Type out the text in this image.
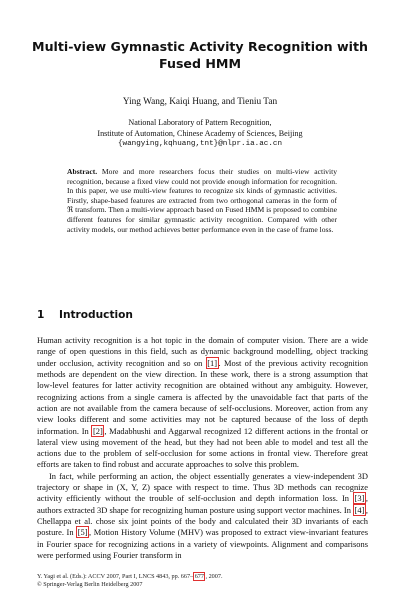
Multi-view Gymnastic Activity Recognition with
Fused HMM
Ying Wang, Kaiqi Huang, and Tieniu Tan
National Laboratory of Pattern Recognition,
Institute of Automation, Chinese Academy of Sciences, Beijing
{wangying,kqhuang,tnt}@nlpr.ia.ac.cn
Abstract. More and more researchers focus their studies on multi-view activity recognition, because a fixed view could not provide enough information for recognition. In this paper, we use multi-view features to recognize six kinds of gymnastic activities. Firstly, shape-based features are extracted from two orthogonal cameras in the form of ℜ transform. Then a multi-view approach based on Fused HMM is proposed to combine different features for similar gymnastic activity recognition. Compared with other activity models, our method achieves better performance even in the case of frame loss.
1 Introduction

Human activity recognition is a hot topic in the domain of computer vision. There are a wide range of open questions in this field, such as dynamic background modelling, object tracking under occlusion, activity recognition and so on [1] . Most of the previous activity recognition methods are dependent on the view direction. In these work, there is a strong assumption that low-level features for latter activity recognition are obtained without any ambiguity. However, recognizing actions from a single camera is affected by the unavoidable fact that parts of the action are not available from the camera because of self-occlusions. Moreover, action from any view looks different and some activities may not be captured because of the loss of depth information. In [2] , Madabhushi and Aggarwal recognized 12 different actions in the frontal or lateral view using movement of the head, but they had not been able to model and test all the actions due to the problem of self-occlusion for some actions in frontal view. Therefore great efforts are taken to find robust and accurate approaches to solve this problem.

In fact, while performing an action, the object essentially generates a view-independent 3D trajectory or shape in (X, Y, Z) space with respect to time. Thus 3D methods can recognize activity efficiently without the trouble of self-occlusion and depth information loss. In [3] , authors extracted 3D shape for recognizing human posture using support vector machines. In [4] , Chellappa et al. chose six joint points of the body and calculated their 3D invariants of each posture. In [5] , Motion History Volume (MHV) was proposed to extract view-invariant features in Fourier space for recognizing actions in a variety of viewpoints. Alignment and comparisons were performed using Fourier transform in

Y. Yagi et al. (Eds.): ACCV 2007, Part I, LNCS 4843, pp. 667– 677 , 2007.
© Springer-Verlag Berlin Heidelberg 2007
